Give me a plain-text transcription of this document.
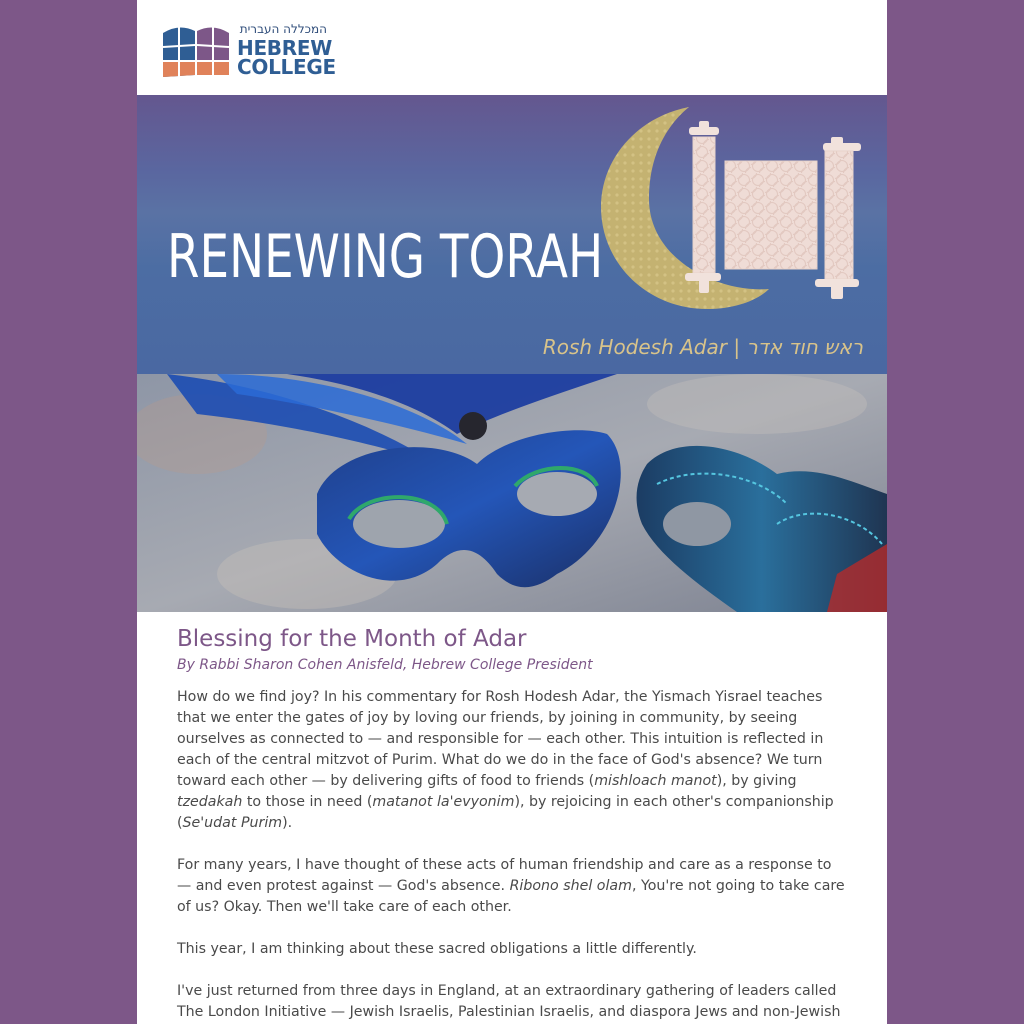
המכללה העברית
HEBREW
COLLEGE
RENEWING TORAH
Rosh Hodesh Adar | ראש חוד אדר
Blessing for the Month of Adar

By Rabbi Sharon Cohen Anisfeld, Hebrew College President

How do we find joy? In his commentary for Rosh Hodesh Adar, the Yismach Yisrael teaches that we enter the gates of joy by loving our friends, by joining in community, by seeing ourselves as connected to — and responsible for — each other. This intuition is reflected in each of the central mitzvot of Purim. What do we do in the face of God's absence? We turn toward each other — by delivering gifts of food to friends (mishloach manot), by giving tzedakah to those in need (matanot la'evyonim), by rejoicing in each other's companionship (Se'udat Purim).

For many years, I have thought of these acts of human friendship and care as a response to — and even protest against — God's absence. Ribono shel olam, You're not going to take care of us? Okay. Then we'll take care of each other.

This year, I am thinking about these sacred obligations a little differently.

I've just returned from three days in England, at an extraordinary gathering of leaders called The London Initiative — Jewish Israelis, Palestinian Israelis, and diaspora Jews and non-Jewish
